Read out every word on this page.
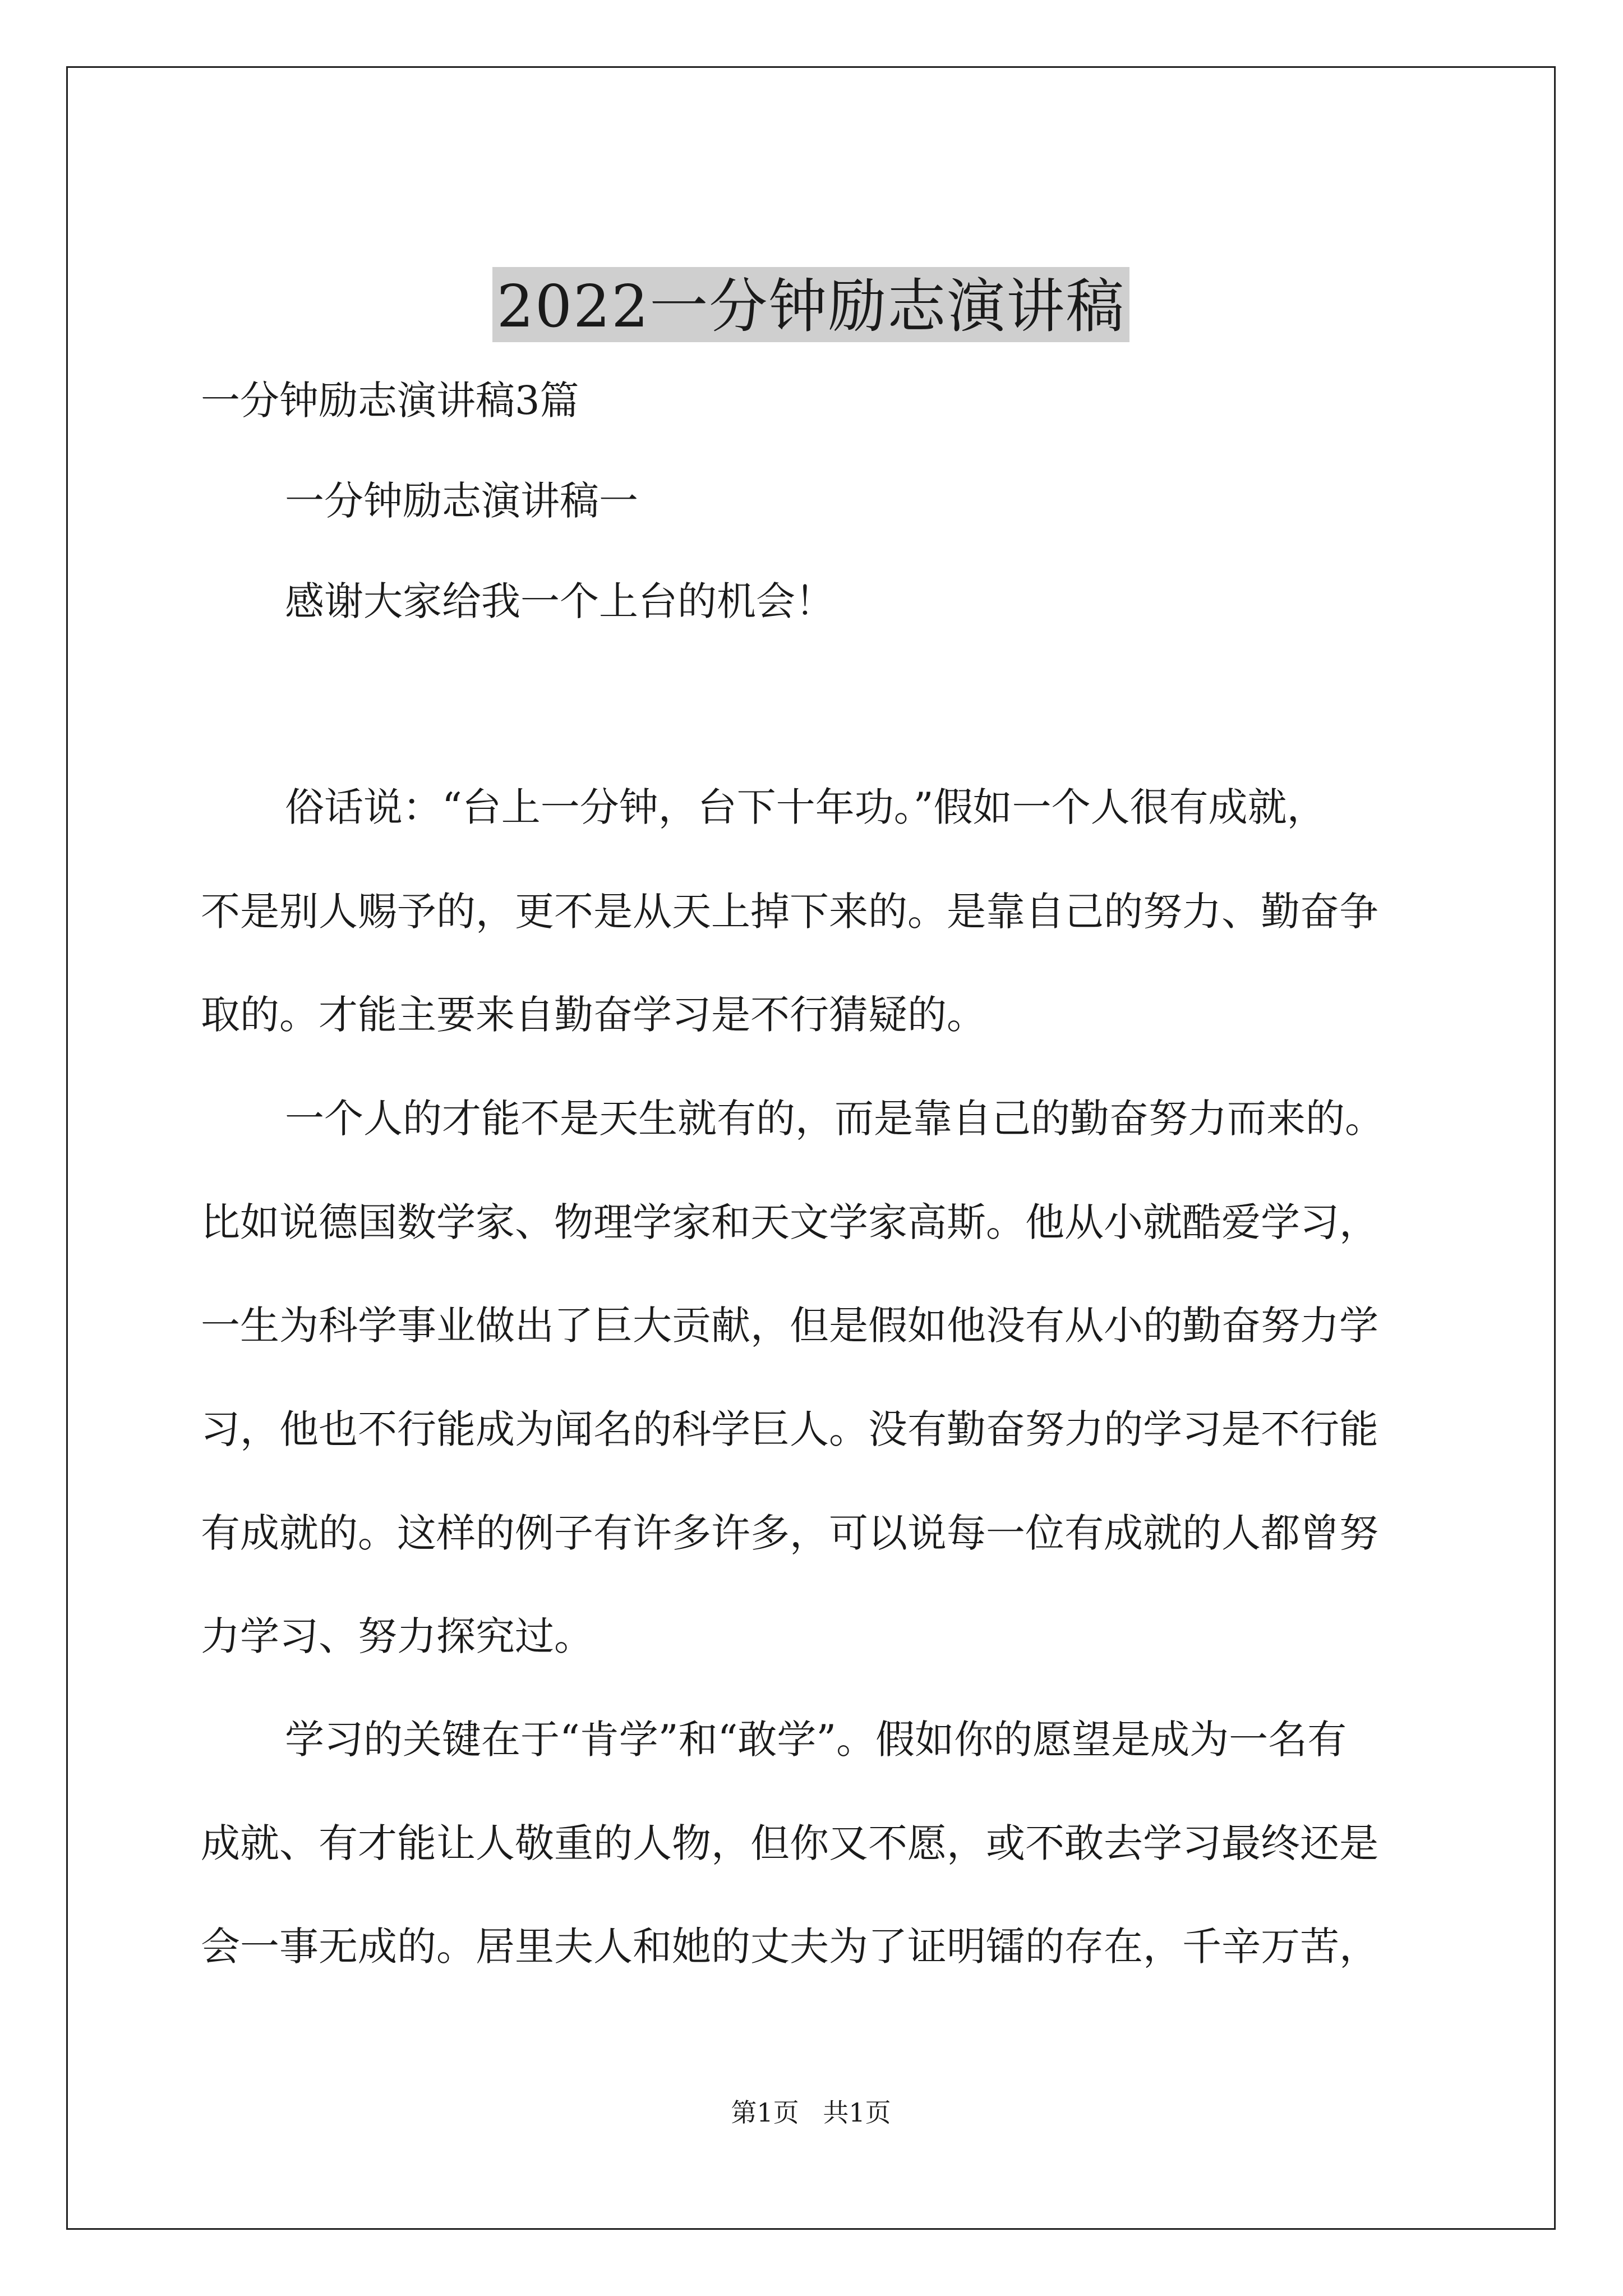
2022一分钟励志演讲稿
一分钟励志演讲稿3篇
一分钟励志演讲稿一
感谢大家给我一个上台的机会！
俗话说：“台上一分钟，台下十年功。”假如一个人很有成就，
不是别人赐予的，更不是从天上掉下来的。是靠自己的努力、勤奋争
取的。才能主要来自勤奋学习是不行猜疑的。
一个人的才能不是天生就有的，而是靠自己的勤奋努力而来的。
比如说德国数学家、物理学家和天文学家高斯。他从小就酷爱学习，
一生为科学事业做出了巨大贡献，但是假如他没有从小的勤奋努力学
习，他也不行能成为闻名的科学巨人。没有勤奋努力的学习是不行能
有成就的。这样的例子有许多许多，可以说每一位有成就的人都曾努
力学习、努力探究过。
学习的关键在于“肯学”和“敢学”。假如你的愿望是成为一名有
成就、有才能让人敬重的人物，但你又不愿，或不敢去学习最终还是
会一事无成的。居里夫人和她的丈夫为了证明镭的存在，千辛万苦，
第1页 共1页
